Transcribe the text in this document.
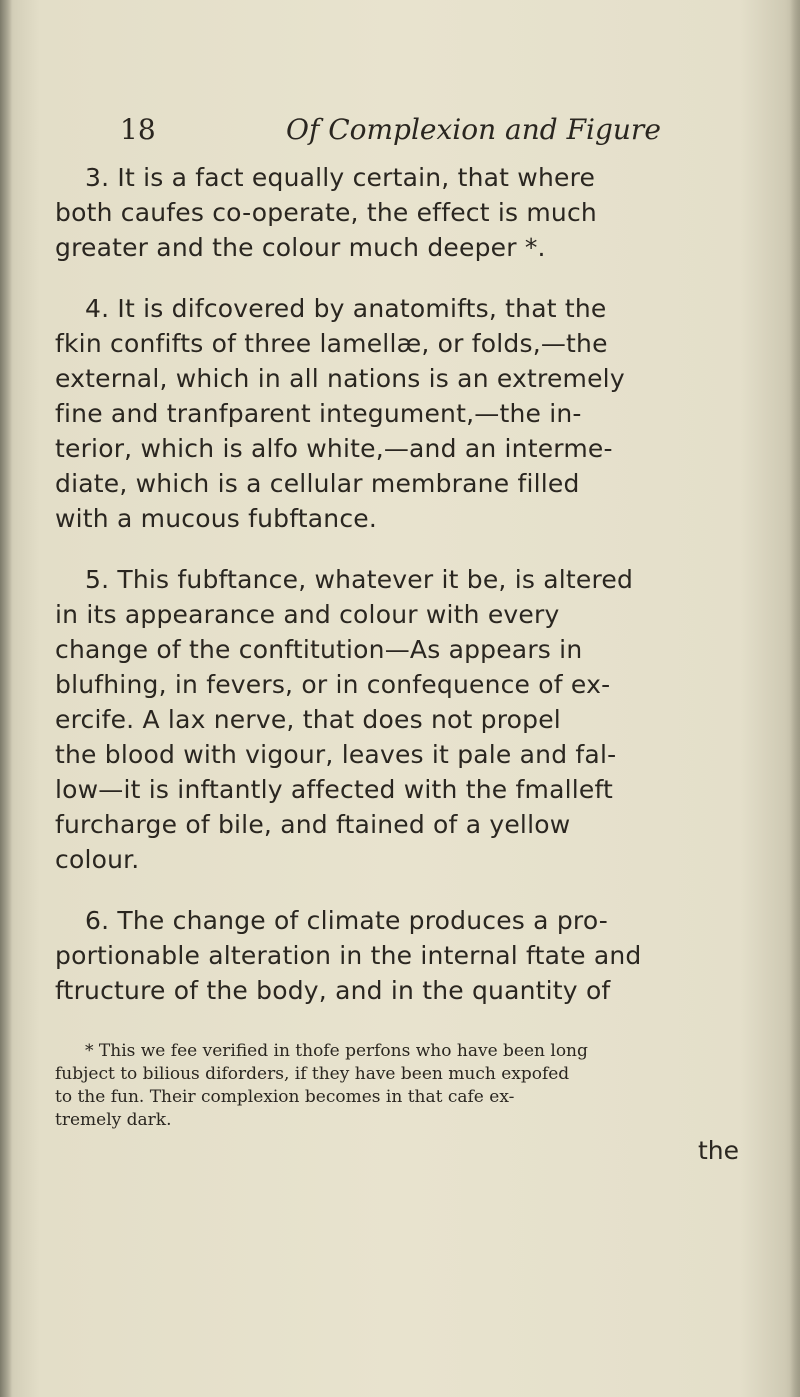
18	Of Complexion and Figure
3. It is a fact equally certain, that where
both caufes co-operate, the effect is much
greater and the colour much deeper *.
4. It is difcovered by anatomifts, that the
fkin confifts of three lamellæ, or folds,—the
external, which in all nations is an extremely
fine and tranfparent integument,—the in-
terior, which is alfo white,—and an interme-
diate, which is a cellular membrane filled
with a mucous fubftance.
5. This fubftance, whatever it be, is altered
in its appearance and colour with every
change of the conftitution—As appears in
blufhing, in fevers, or in confequence of ex-
ercife. A lax nerve, that does not propel
the blood with vigour, leaves it pale and fal-
low—it is inftantly affected with the fmalleft
furcharge of bile, and ftained of a yellow
colour.
6. The change of climate produces a pro-
portionable alteration in the internal ftate and
ftructure of the body, and in the quantity of
* This we fee verified in thofe perfons who have been long
fubject to bilious diforders, if they have been much expofed
to the fun. Their complexion becomes in that cafe ex-
tremely dark.
the
